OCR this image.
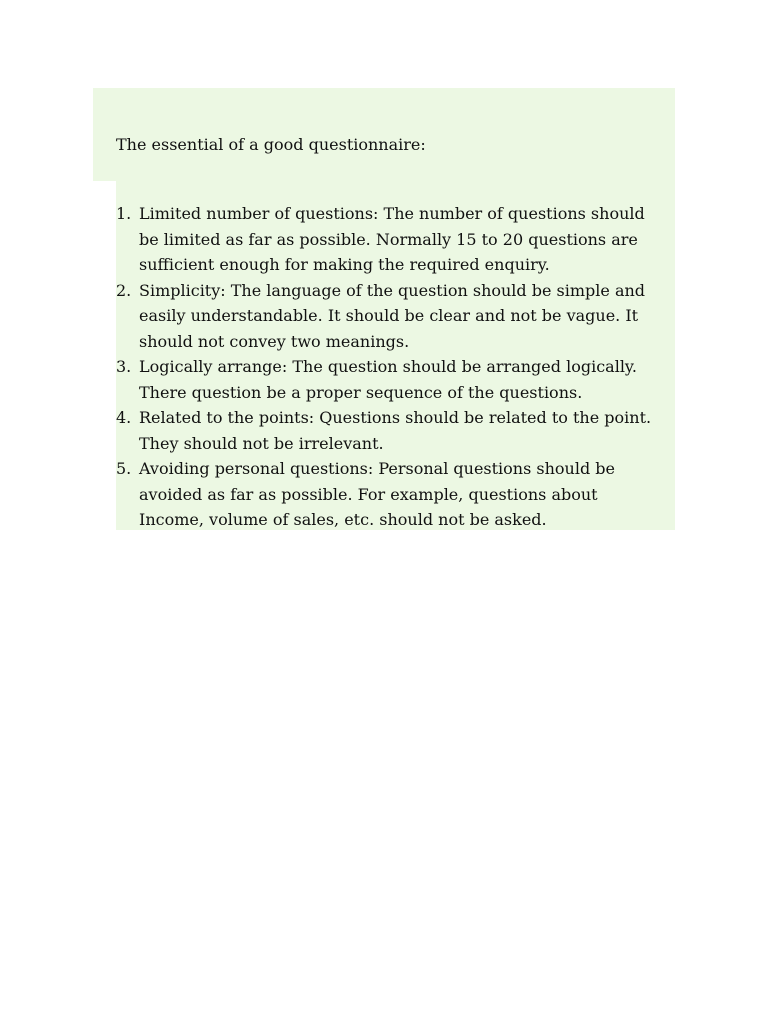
The essential of a good questionnaire:
1. Limited number of questions: The number of questions should
be limited as far as possible. Normally 15 to 20 questions are
sufficient enough for making the required enquiry.
2. Simplicity: The language of the question should be simple and
easily understandable. It should be clear and not be vague. It
should not convey two meanings.
3. Logically arrange: The question should be arranged logically.
There question be a proper sequence of the questions.
4. Related to the points: Questions should be related to the point.
They should not be irrelevant.
5. Avoiding personal questions: Personal questions should be
avoided as far as possible. For example, questions about
Income, volume of sales, etc. should not be asked.
